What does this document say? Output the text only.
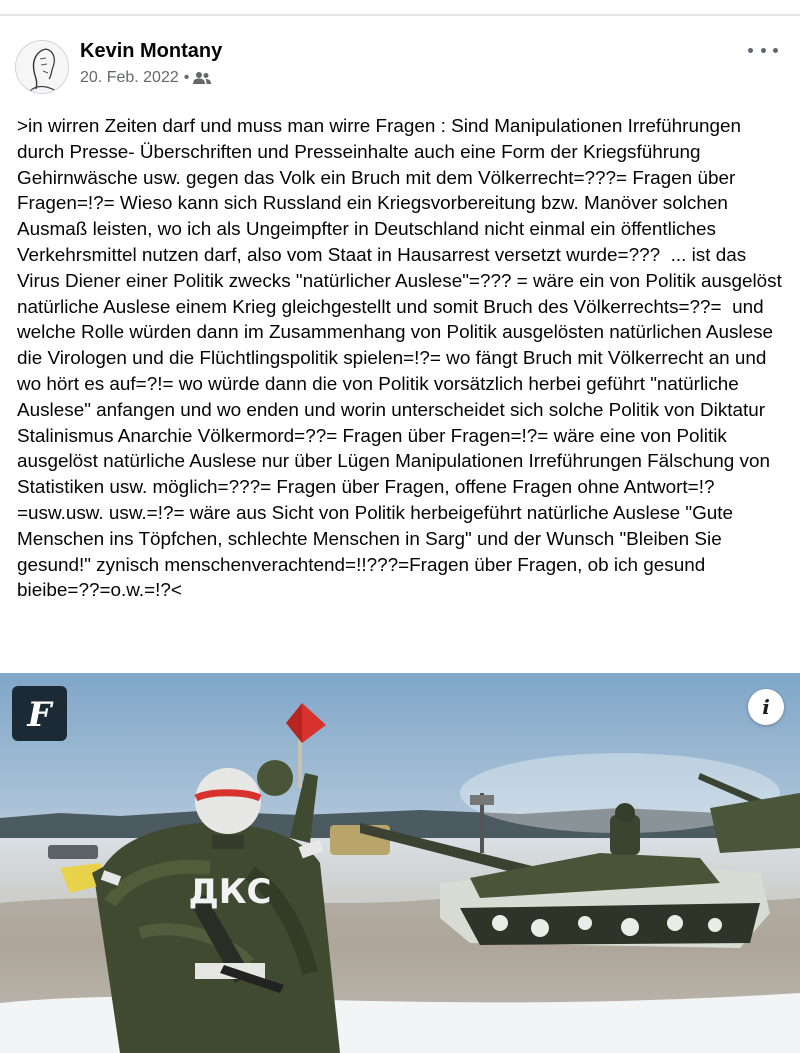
Kevin Montany
20. Feb. 2022 •
>in wirren Zeiten darf und muss man wirre Fragen : Sind Manipulationen Irreführungen durch Presse- Überschriften und Presseinhalte auch eine Form der Kriegsführung Gehirnwäsche usw. gegen das Volk ein Bruch mit dem Völkerrecht=???= Fragen über Fragen=!?= Wieso kann sich Russland ein Kriegsvorbereitung bzw. Manöver solchen Ausmaß leisten, wo ich als Ungeimpfter in Deutschland nicht einmal ein öffentliches Verkehrsmittel nutzen darf, also vom Staat in Hausarrest versetzt wurde=???  ... ist das Virus Diener einer Politik zwecks "natürlicher Auslese"=??? = wäre ein von Politik ausgelöst natürliche Auslese einem Krieg gleichgestellt und somit Bruch des Völkerrechts=??=  und welche Rolle würden dann im Zusammenhang von Politik ausgelösten natürlichen Auslese die Virologen und die Flüchtlingspolitik spielen=!?= wo fängt Bruch mit Völkerrecht an und wo hört es auf=?!= wo würde dann die von Politik vorsätzlich herbei geführt "natürliche Auslese" anfangen und wo enden und worin unterscheidet sich solche Politik von Diktatur Stalinismus Anarchie Völkermord=??= Fragen über Fragen=!?= wäre eine von Politik ausgelöst natürliche Auslese nur über Lügen Manipulationen Irreführungen Fälschung von Statistiken usw. möglich=???= Fragen über Fragen, offene Fragen ohne Antwort=!?=usw.usw. usw.=!?= wäre aus Sicht von Politik herbeigeführt natürliche Auslese "Gute Menschen ins Töpfchen, schlechte Menschen in Sarg" und der Wunsch "Bleiben Sie gesund!" zynisch menschenverachtend=!!???=Fragen über Fragen, ob ich gesund bieibe=??=o.w.=!?<
ДКС
F	i
